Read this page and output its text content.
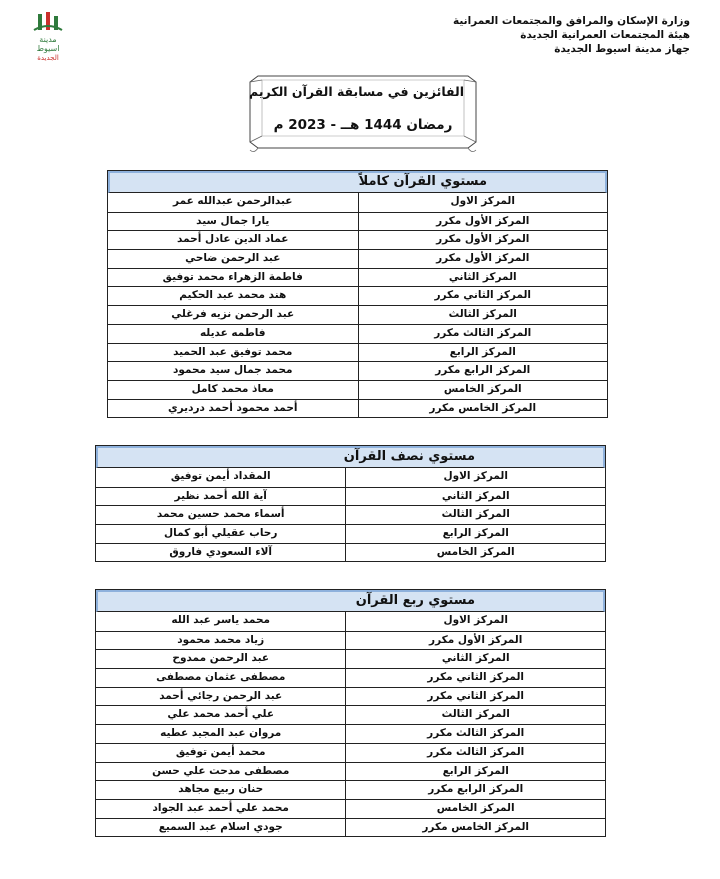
وزارة الإسكان والمرافق والمجتمعات العمرانية
هيئة المجتمعات العمرانية الجديدة
جهاز مدينة اسيوط الجديدة
مدينة
اسيوط
الجديدة
الفائزين في مسابقة القرآن الكريم
رمضان 1444 هــ - 2023 م
مستوي القرآن كاملاً
المركز الاول
عبدالرحمن عبدالله عمر
المركز الأول مكرر
يارا جمال سيد
المركز الأول مكرر
عماد الدين عادل أحمد
المركز الأول مكرر
عبد الرحمن ضاحي
المركز الثاني
فاطمة الزهراء محمد توفيق
المركز الثاني مكرر
هند محمد عبد الحكيم
المركز الثالث
عبد الرحمن نزيه فرغلي
المركز الثالث مكرر
فاطمه عديله
المركز الرابع
محمد توفيق عبد الحميد
المركز الرابع مكرر
محمد جمال سيد محمود
المركز الخامس
معاذ محمد كامل
المركز الخامس مكرر
أحمد محمود أحمد درديري
مستوي نصف القرآن
المركز الاول
المقداد أيمن توفيق
المركز الثاني
آية الله أحمد نظير
المركز الثالث
أسماء محمد حسين محمد
المركز الرابع
رحاب عقيلي أبو كمال
المركز الخامس
آلاء السعودي فاروق
مستوي ربع القرآن
المركز الاول
محمد ياسر عبد الله
المركز الأول مكرر
زياد محمد محمود
المركز الثاني
عبد الرحمن ممدوح
المركز الثاني مكرر
مصطفى عثمان مصطفى
المركز الثاني مكرر
عبد الرحمن رجائي أحمد
المركز الثالث
علي أحمد محمد علي
المركز الثالث مكرر
مروان عبد المجيد عطيه
المركز الثالث مكرر
محمد أيمن توفيق
المركز الرابع
مصطفى مدحت علي حسن
المركز الرابع مكرر
حنان ربيع مجاهد
المركز الخامس
محمد علي أحمد عبد الجواد
المركز الخامس مكرر
جودي اسلام عبد السميع
